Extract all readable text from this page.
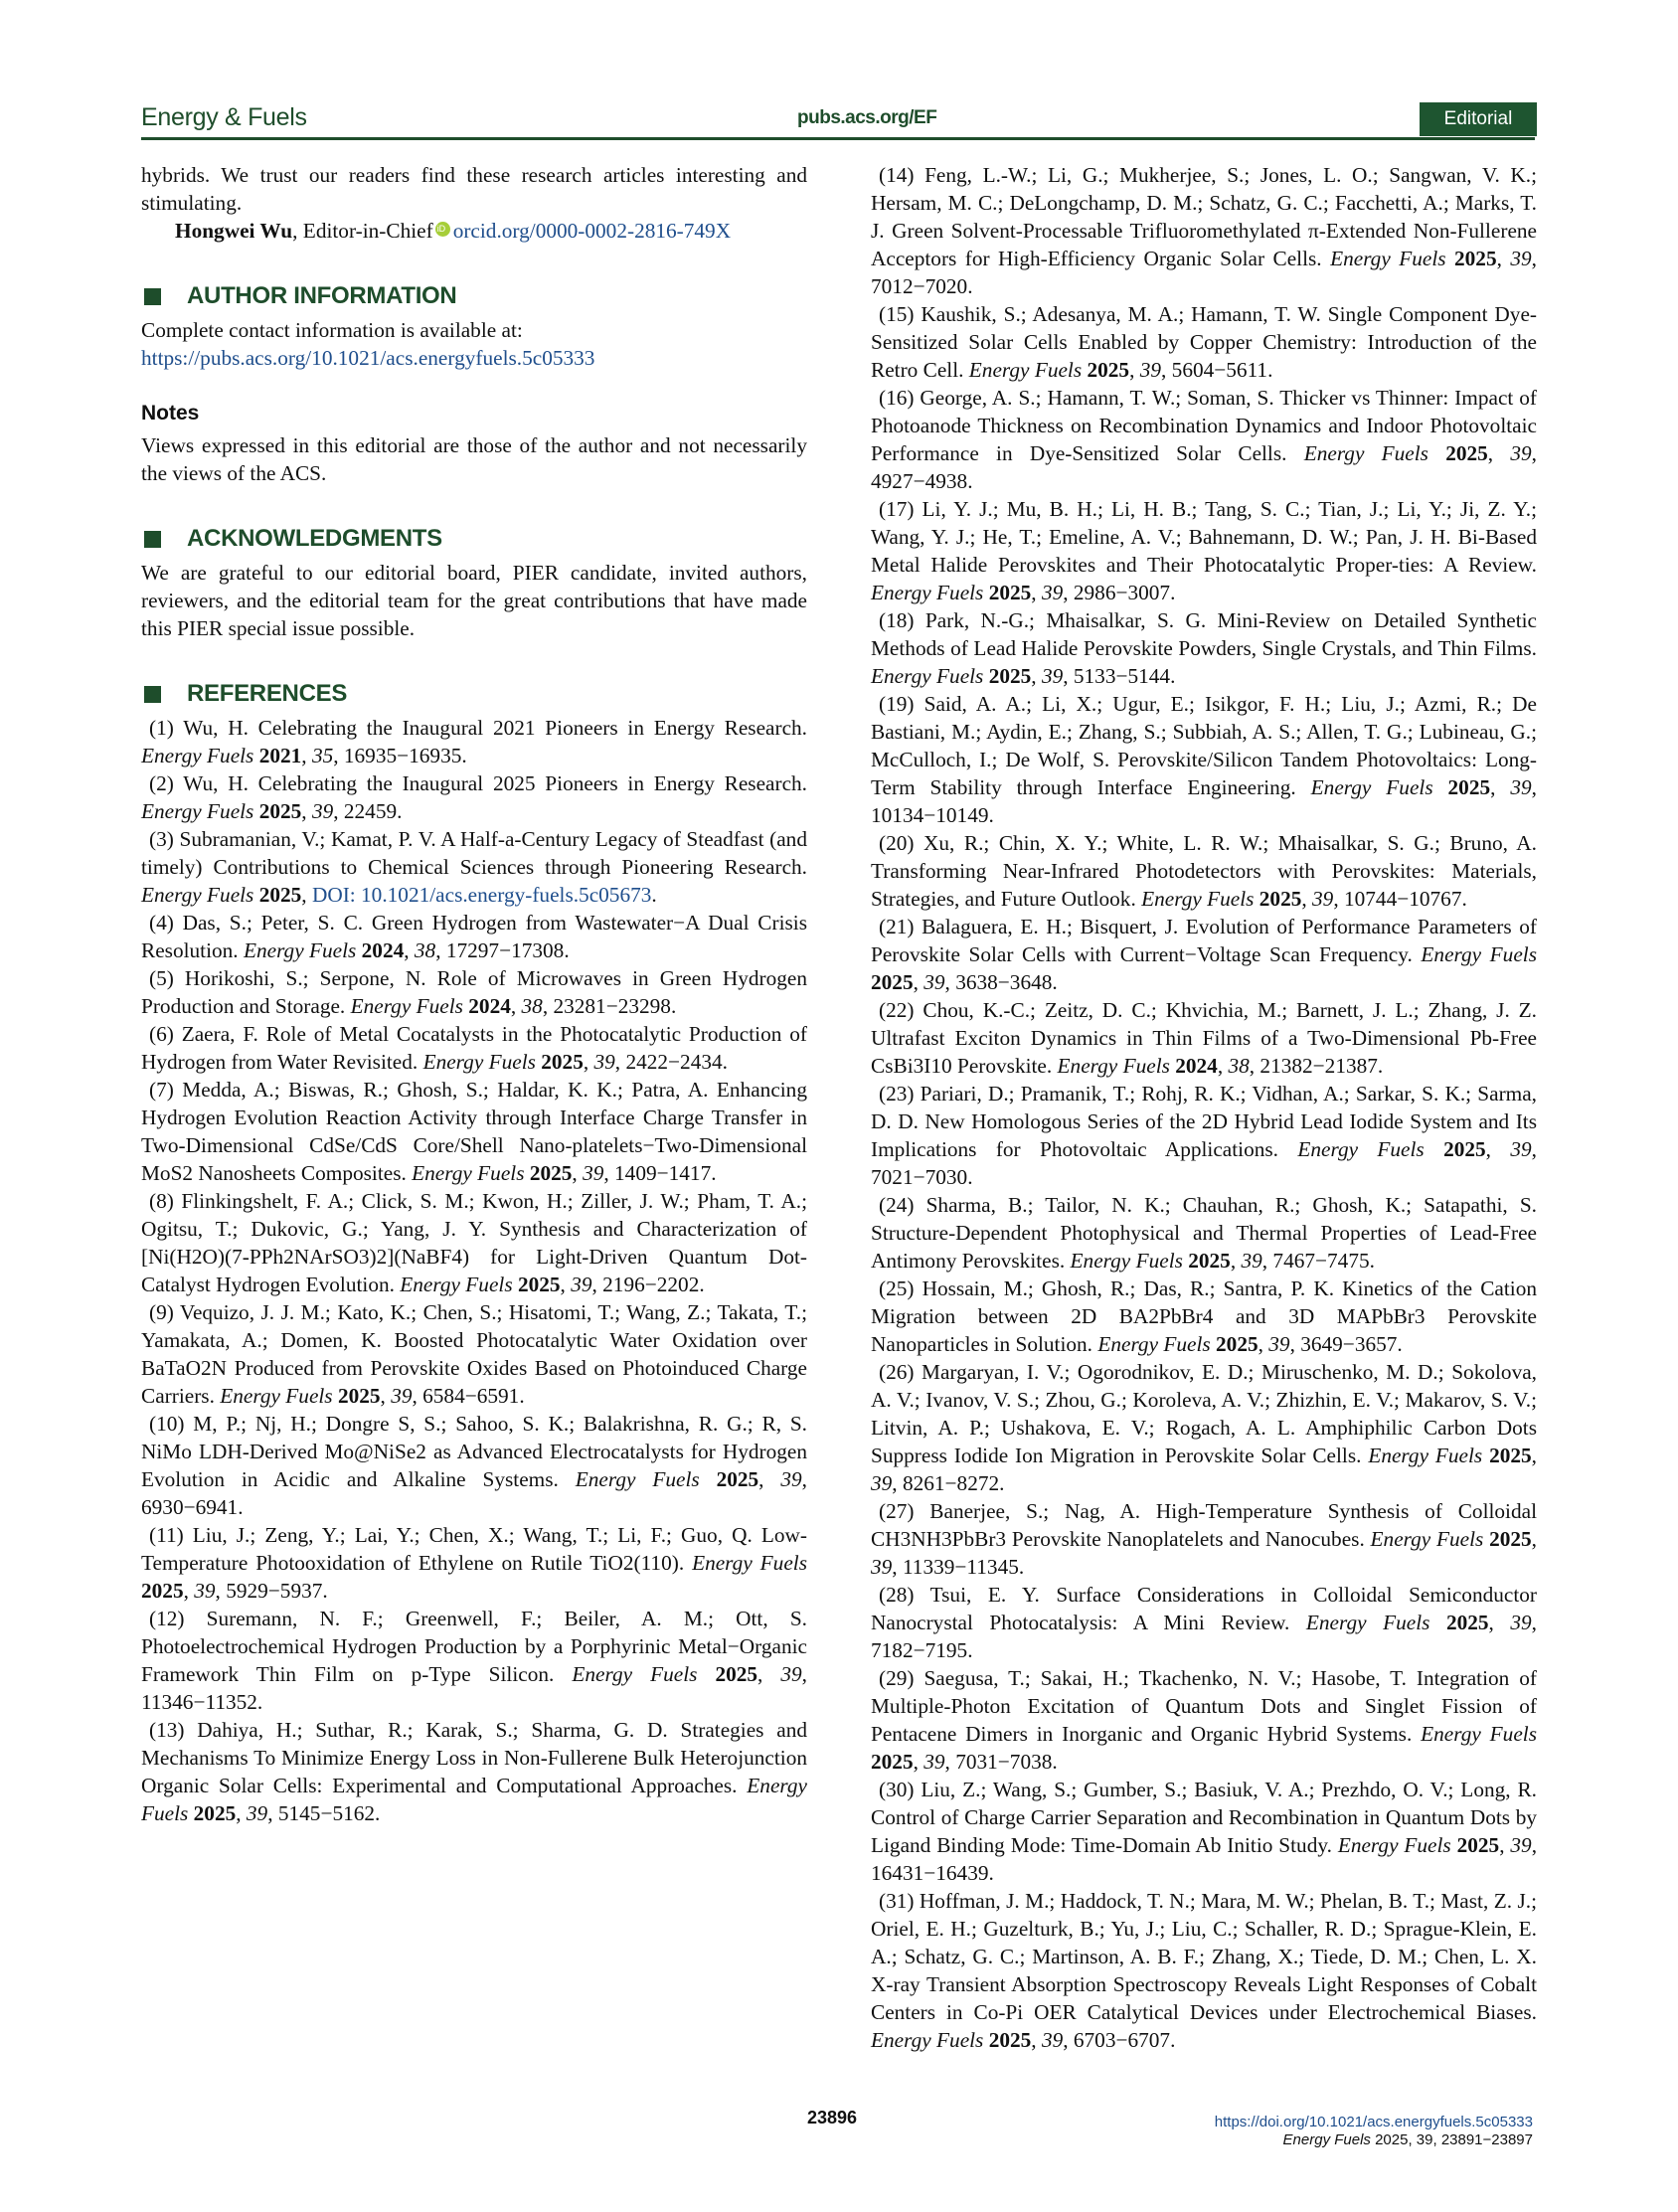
Energy & Fuels	pubs.acs.org/EF	Editorial

hybrids. We trust our readers find these research articles interesting and stimulating.

Hongwei Wu, Editor-in-Chief iD orcid.org/0000-0002-2816-749X

AUTHOR INFORMATION

Complete contact information is available at:

https://pubs.acs.org/10.1021/acs.energyfuels.5c05333

Notes

Views expressed in this editorial are those of the author and not necessarily the views of the ACS.

ACKNOWLEDGMENTS

We are grateful to our editorial board, PIER candidate, invited authors, reviewers, and the editorial team for the great contributions that have made this PIER special issue possible.

REFERENCES

(1) Wu, H. Celebrating the Inaugural 2021 Pioneers in Energy Research. Energy Fuels 2021, 35, 16935−16935.

(2) Wu, H. Celebrating the Inaugural 2025 Pioneers in Energy Research. Energy Fuels 2025, 39, 22459.

(3) Subramanian, V.; Kamat, P. V. A Half-a-Century Legacy of Steadfast (and timely) Contributions to Chemical Sciences through Pioneering Research. Energy Fuels 2025, DOI: 10.1021/acs.energy-fuels.5c05673.

(4) Das, S.; Peter, S. C. Green Hydrogen from Wastewater−A Dual Crisis Resolution. Energy Fuels 2024, 38, 17297−17308.

(5) Horikoshi, S.; Serpone, N. Role of Microwaves in Green Hydrogen Production and Storage. Energy Fuels 2024, 38, 23281−23298.

(6) Zaera, F. Role of Metal Cocatalysts in the Photocatalytic Production of Hydrogen from Water Revisited. Energy Fuels 2025, 39, 2422−2434.

(7) Medda, A.; Biswas, R.; Ghosh, S.; Haldar, K. K.; Patra, A. Enhancing Hydrogen Evolution Reaction Activity through Interface Charge Transfer in Two-Dimensional CdSe/CdS Core/Shell Nano-platelets−Two-Dimensional MoS2 Nanosheets Composites. Energy Fuels 2025, 39, 1409−1417.

(8) Flinkingshelt, F. A.; Click, S. M.; Kwon, H.; Ziller, J. W.; Pham, T. A.; Ogitsu, T.; Dukovic, G.; Yang, J. Y. Synthesis and Characterization of [Ni(H2O)(7-PPh2NArSO3)2](NaBF4) for Light-Driven Quantum Dot-Catalyst Hydrogen Evolution. Energy Fuels 2025, 39, 2196−2202.

(9) Vequizo, J. J. M.; Kato, K.; Chen, S.; Hisatomi, T.; Wang, Z.; Takata, T.; Yamakata, A.; Domen, K. Boosted Photocatalytic Water Oxidation over BaTaO2N Produced from Perovskite Oxides Based on Photoinduced Charge Carriers. Energy Fuels 2025, 39, 6584−6591.

(10) M, P.; Nj, H.; Dongre S, S.; Sahoo, S. K.; Balakrishna, R. G.; R, S. NiMo LDH-Derived Mo@NiSe2 as Advanced Electrocatalysts for Hydrogen Evolution in Acidic and Alkaline Systems. Energy Fuels 2025, 39, 6930−6941.

(11) Liu, J.; Zeng, Y.; Lai, Y.; Chen, X.; Wang, T.; Li, F.; Guo, Q. Low-Temperature Photooxidation of Ethylene on Rutile TiO2(110). Energy Fuels 2025, 39, 5929−5937.

(12) Suremann, N. F.; Greenwell, F.; Beiler, A. M.; Ott, S. Photoelectrochemical Hydrogen Production by a Porphyrinic Metal−Organic Framework Thin Film on p-Type Silicon. Energy Fuels 2025, 39, 11346−11352.

(13) Dahiya, H.; Suthar, R.; Karak, S.; Sharma, G. D. Strategies and Mechanisms To Minimize Energy Loss in Non-Fullerene Bulk Heterojunction Organic Solar Cells: Experimental and Computational Approaches. Energy Fuels 2025, 39, 5145−5162.

(14) Feng, L.-W.; Li, G.; Mukherjee, S.; Jones, L. O.; Sangwan, V. K.; Hersam, M. C.; DeLongchamp, D. M.; Schatz, G. C.; Facchetti, A.; Marks, T. J. Green Solvent-Processable Trifluoromethylated π-Extended Non-Fullerene Acceptors for High-Efficiency Organic Solar Cells. Energy Fuels 2025, 39, 7012−7020.

(15) Kaushik, S.; Adesanya, M. A.; Hamann, T. W. Single Component Dye-Sensitized Solar Cells Enabled by Copper Chemistry: Introduction of the Retro Cell. Energy Fuels 2025, 39, 5604−5611.

(16) George, A. S.; Hamann, T. W.; Soman, S. Thicker vs Thinner: Impact of Photoanode Thickness on Recombination Dynamics and Indoor Photovoltaic Performance in Dye-Sensitized Solar Cells. Energy Fuels 2025, 39, 4927−4938.

(17) Li, Y. J.; Mu, B. H.; Li, H. B.; Tang, S. C.; Tian, J.; Li, Y.; Ji, Z. Y.; Wang, Y. J.; He, T.; Emeline, A. V.; Bahnemann, D. W.; Pan, J. H. Bi-Based Metal Halide Perovskites and Their Photocatalytic Proper-ties: A Review. Energy Fuels 2025, 39, 2986−3007.

(18) Park, N.-G.; Mhaisalkar, S. G. Mini-Review on Detailed Synthetic Methods of Lead Halide Perovskite Powders, Single Crystals, and Thin Films. Energy Fuels 2025, 39, 5133−5144.

(19) Said, A. A.; Li, X.; Ugur, E.; Isikgor, F. H.; Liu, J.; Azmi, R.; De Bastiani, M.; Aydin, E.; Zhang, S.; Subbiah, A. S.; Allen, T. G.; Lubineau, G.; McCulloch, I.; De Wolf, S. Perovskite/Silicon Tandem Photovoltaics: Long-Term Stability through Interface Engineering. Energy Fuels 2025, 39, 10134−10149.

(20) Xu, R.; Chin, X. Y.; White, L. R. W.; Mhaisalkar, S. G.; Bruno, A. Transforming Near-Infrared Photodetectors with Perovskites: Materials, Strategies, and Future Outlook. Energy Fuels 2025, 39, 10744−10767.

(21) Balaguera, E. H.; Bisquert, J. Evolution of Performance Parameters of Perovskite Solar Cells with Current−Voltage Scan Frequency. Energy Fuels 2025, 39, 3638−3648.

(22) Chou, K.-C.; Zeitz, D. C.; Khvichia, M.; Barnett, J. L.; Zhang, J. Z. Ultrafast Exciton Dynamics in Thin Films of a Two-Dimensional Pb-Free CsBi3I10 Perovskite. Energy Fuels 2024, 38, 21382−21387.

(23) Pariari, D.; Pramanik, T.; Rohj, R. K.; Vidhan, A.; Sarkar, S. K.; Sarma, D. D. New Homologous Series of the 2D Hybrid Lead Iodide System and Its Implications for Photovoltaic Applications. Energy Fuels 2025, 39, 7021−7030.

(24) Sharma, B.; Tailor, N. K.; Chauhan, R.; Ghosh, K.; Satapathi, S. Structure-Dependent Photophysical and Thermal Properties of Lead-Free Antimony Perovskites. Energy Fuels 2025, 39, 7467−7475.

(25) Hossain, M.; Ghosh, R.; Das, R.; Santra, P. K. Kinetics of the Cation Migration between 2D BA2PbBr4 and 3D MAPbBr3 Perovskite Nanoparticles in Solution. Energy Fuels 2025, 39, 3649−3657.

(26) Margaryan, I. V.; Ogorodnikov, E. D.; Miruschenko, M. D.; Sokolova, A. V.; Ivanov, V. S.; Zhou, G.; Koroleva, A. V.; Zhizhin, E. V.; Makarov, S. V.; Litvin, A. P.; Ushakova, E. V.; Rogach, A. L. Amphiphilic Carbon Dots Suppress Iodide Ion Migration in Perovskite Solar Cells. Energy Fuels 2025, 39, 8261−8272.

(27) Banerjee, S.; Nag, A. High-Temperature Synthesis of Colloidal CH3NH3PbBr3 Perovskite Nanoplatelets and Nanocubes. Energy Fuels 2025, 39, 11339−11345.

(28) Tsui, E. Y. Surface Considerations in Colloidal Semiconductor Nanocrystal Photocatalysis: A Mini Review. Energy Fuels 2025, 39, 7182−7195.

(29) Saegusa, T.; Sakai, H.; Tkachenko, N. V.; Hasobe, T. Integration of Multiple-Photon Excitation of Quantum Dots and Singlet Fission of Pentacene Dimers in Inorganic and Organic Hybrid Systems. Energy Fuels 2025, 39, 7031−7038.

(30) Liu, Z.; Wang, S.; Gumber, S.; Basiuk, V. A.; Prezhdo, O. V.; Long, R. Control of Charge Carrier Separation and Recombination in Quantum Dots by Ligand Binding Mode: Time-Domain Ab Initio Study. Energy Fuels 2025, 39, 16431−16439.

(31) Hoffman, J. M.; Haddock, T. N.; Mara, M. W.; Phelan, B. T.; Mast, Z. J.; Oriel, E. H.; Guzelturk, B.; Yu, J.; Liu, C.; Schaller, R. D.; Sprague-Klein, E. A.; Schatz, G. C.; Martinson, A. B. F.; Zhang, X.; Tiede, D. M.; Chen, L. X. X-ray Transient Absorption Spectroscopy Reveals Light Responses of Cobalt Centers in Co-Pi OER Catalytical Devices under Electrochemical Biases. Energy Fuels 2025, 39, 6703−6707.

23896	https://doi.org/10.1021/acs.energyfuels.5c05333
Energy Fuels 2025, 39, 23891−23897
